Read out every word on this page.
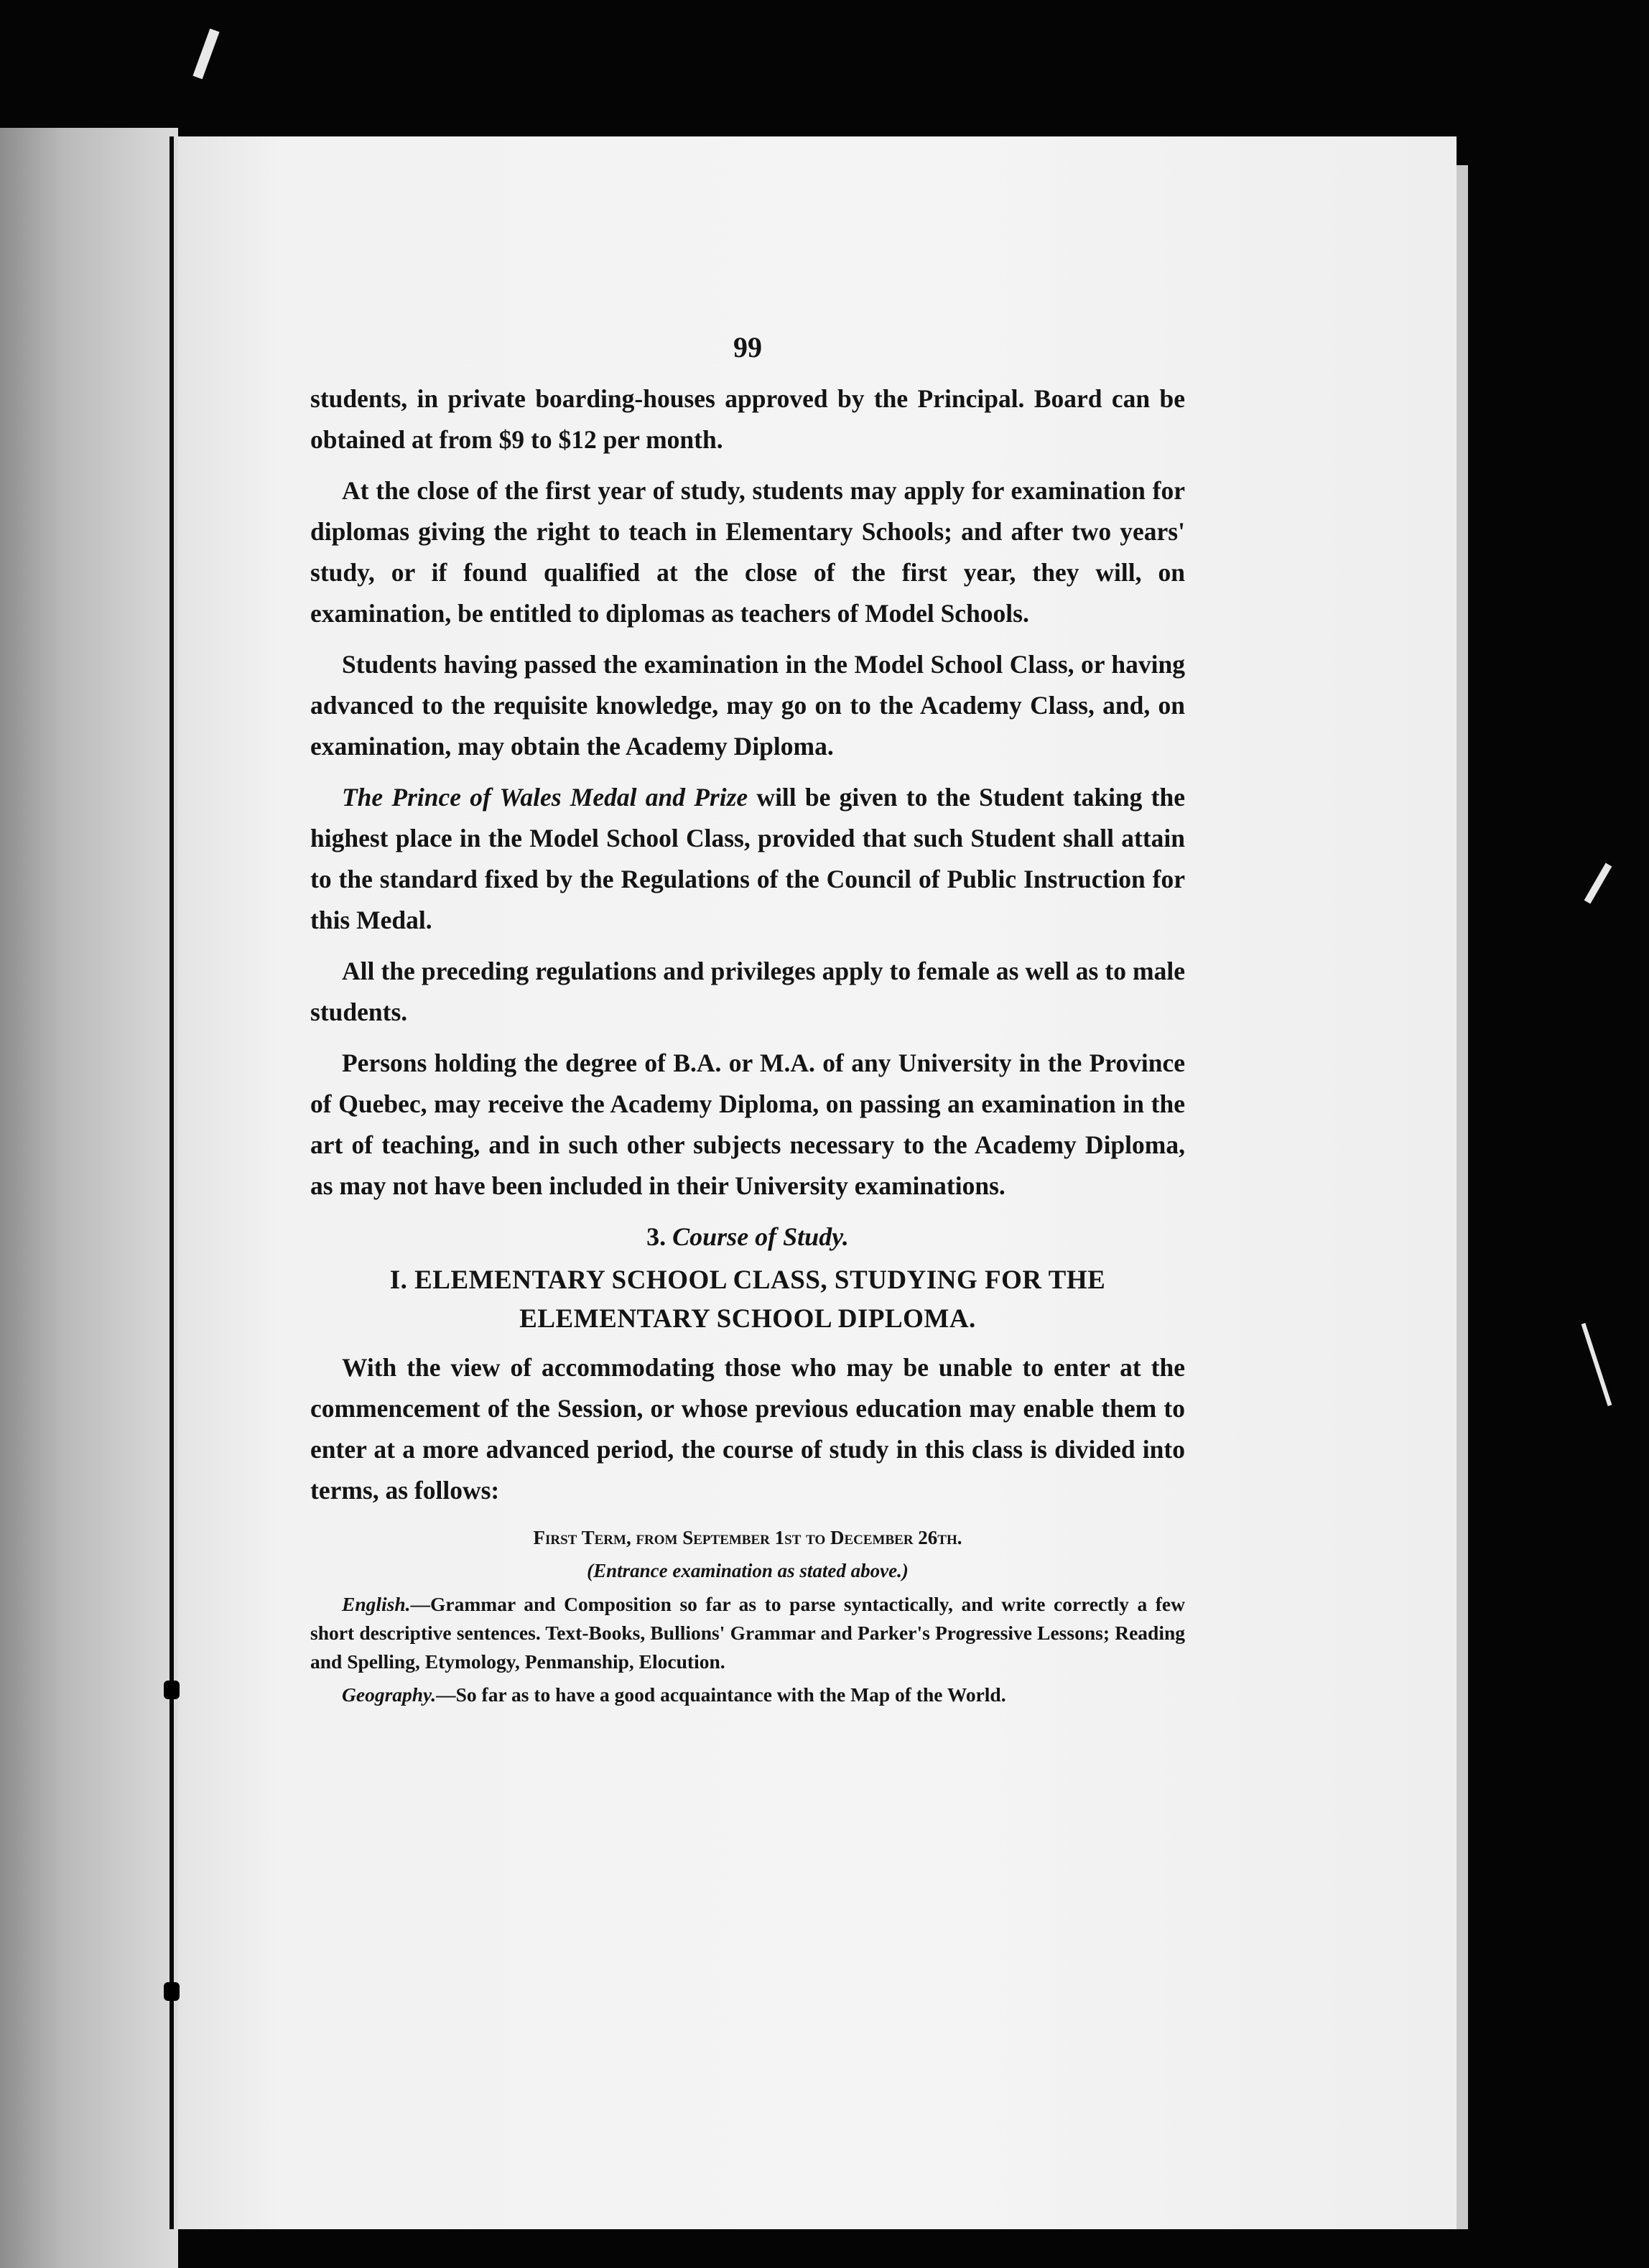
99

students, in private boarding-houses approved by the Principal. Board can be obtained at from $9 to $12 per month.

At the close of the first year of study, students may apply for examination for diplomas giving the right to teach in Elementary Schools; and after two years' study, or if found qualified at the close of the first year, they will, on examination, be entitled to diplomas as teachers of Model Schools.

Students having passed the examination in the Model School Class, or having advanced to the requisite knowledge, may go on to the Academy Class, and, on examination, may obtain the Academy Diploma.

The Prince of Wales Medal and Prize will be given to the Student taking the highest place in the Model School Class, provided that such Student shall attain to the standard fixed by the Regulations of the Council of Public Instruction for this Medal.

All the preceding regulations and privileges apply to female as well as to male students.

Persons holding the degree of B.A. or M.A. of any University in the Province of Quebec, may receive the Academy Diploma, on passing an examination in the art of teaching, and in such other subjects necessary to the Academy Diploma, as may not have been included in their University examinations.

3. Course of Study.
I. ELEMENTARY SCHOOL CLASS, STUDYING FOR THE
ELEMENTARY SCHOOL DIPLOMA.

With the view of accommodating those who may be unable to enter at the commencement of the Session, or whose previous education may enable them to enter at a more advanced period, the course of study in this class is divided into terms, as follows:

First Term, from September 1st to December 26th.
(Entrance examination as stated above.)

English.—Grammar and Composition so far as to parse syntactically, and write correctly a few short descriptive sentences. Text-Books, Bullions' Grammar and Parker's Progressive Lessons; Reading and Spelling, Etymology, Penmanship, Elocution.

Geography.—So far as to have a good acquaintance with the Map of the World.
